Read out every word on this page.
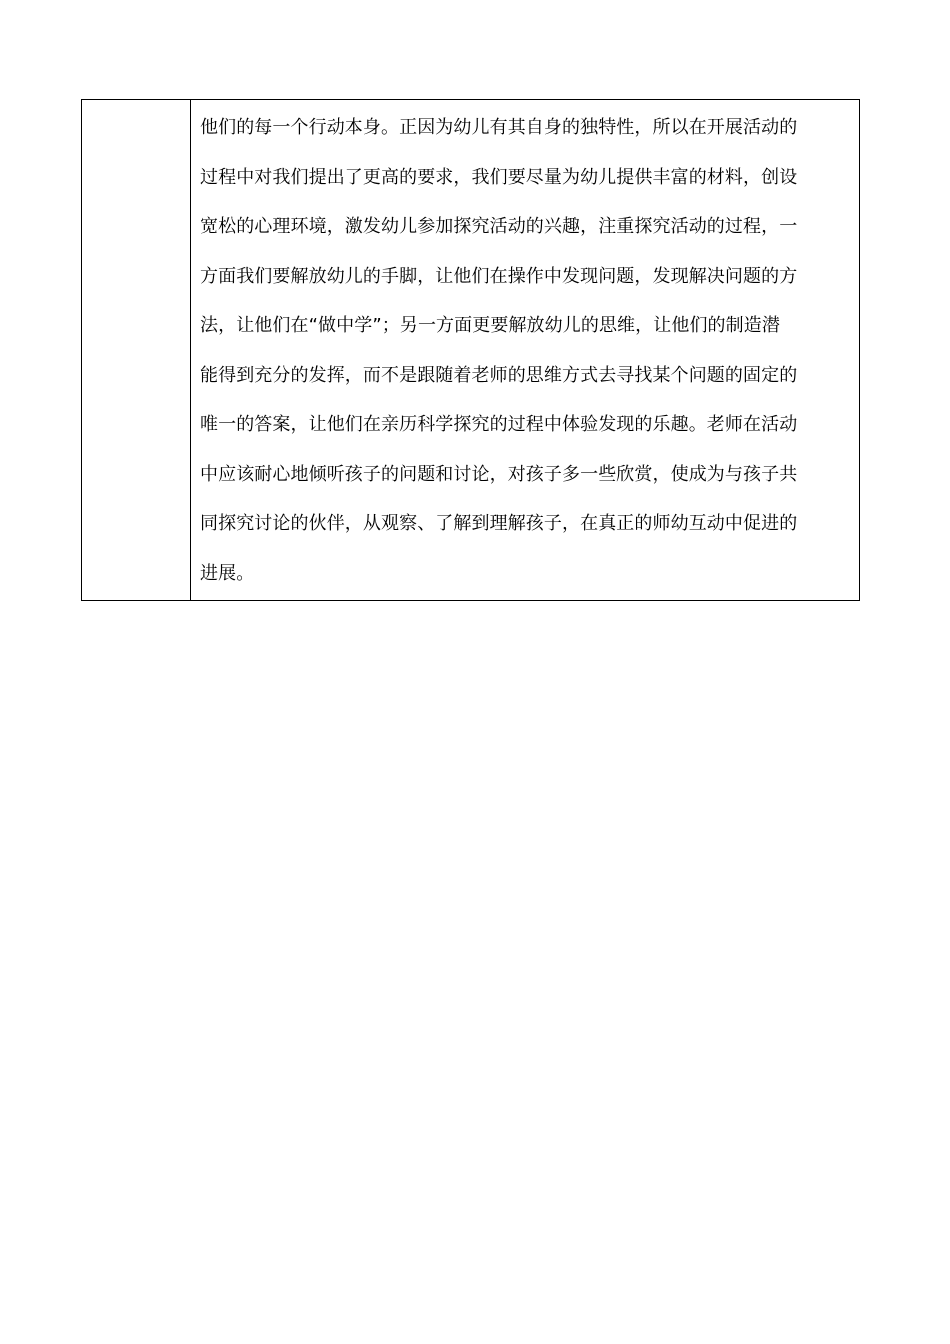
他们的每一个行动本身。正因为幼儿有其自身的独特性，所以在开展活动的
过程中对我们提出了更高的要求，我们要尽量为幼儿提供丰富的材料，创设
宽松的心理环境，激发幼儿参加探究活动的兴趣，注重探究活动的过程，一
方面我们要解放幼儿的手脚，让他们在操作中发现问题，发现解决问题的方
法，让他们在“做中学”；另一方面更要解放幼儿的思维，让他们的制造潜
能得到充分的发挥，而不是跟随着老师的思维方式去寻找某个问题的固定的
唯一的答案，让他们在亲历科学探究的过程中体验发现的乐趣。老师在活动
中应该耐心地倾听孩子的问题和讨论，对孩子多一些欣赏，使成为与孩子共
同探究讨论的伙伴，从观察、了解到理解孩子，在真正的师幼互动中促进的
进展。
